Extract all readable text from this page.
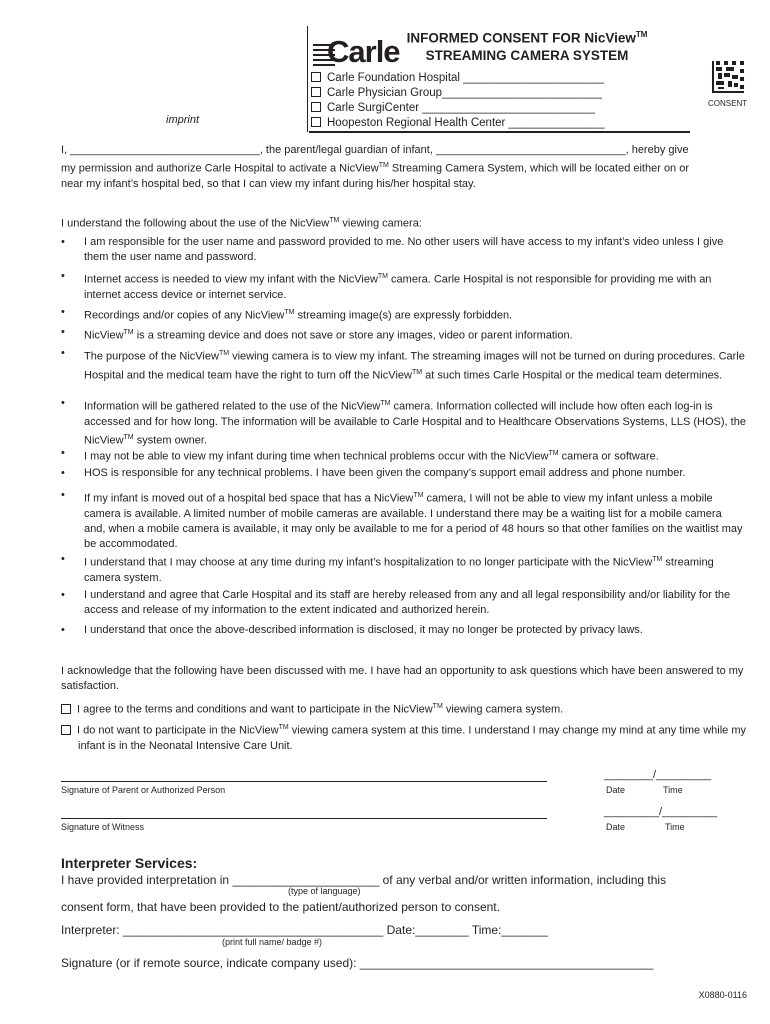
Carle INFORMED CONSENT FOR NicView™
STREAMING CAMERA SYSTEM
Carle Foundation Hospital ______________________
Carle Physician Group_________________________
Carle SurgiCenter ___________________________
Hoopeston Regional Health Center _______________
imprint
CONSENT
I, _______________________________, the parent/legal guardian of infant, _______________________________, hereby give
my permission and authorize Carle Hospital to activate a NicView™ Streaming Camera System, which will be located either on or
near my infant’s hospital bed, so that I can view my infant during his/her hospital stay.
I understand the following about the use of the NicView™ viewing camera:
• I am responsible for the user name and password provided to me. No other users will have access to my infant’s video unless I give them the user name and password.
• Internet access is needed to view my infant with the NicView™ camera. Carle Hospital is not responsible for providing me with an internet access device or internet service.
• Recordings and/or copies of any NicView™ streaming image(s) are expressly forbidden.
• NicView™ is a streaming device and does not save or store any images, video or parent information.
• The purpose of the NicView™ viewing camera is to view my infant. The streaming images will not be turned on during procedures. Carle Hospital and the medical team have the right to turn off the NicView™ at such times Carle Hospital or the medical team determines.
• Information will be gathered related to the use of the NicView™ camera. Information collected will include how often each log-in is accessed and for how long. The information will be available to Carle Hospital and to Healthcare Observations Systems, LLS (HOS), the NicView™ system owner.
• I may not be able to view my infant during time when technical problems occur with the NicView™ camera or software.
• HOS is responsible for any technical problems. I have been given the company’s support email address and phone number.
• If my infant is moved out of a hospital bed space that has a NicView™ camera, I will not be able to view my infant unless a mobile camera is available. A limited number of mobile cameras are available. I understand there may be a waiting list for a mobile camera and, when a mobile camera is available, it may only be available to me for a period of 48 hours so that other families on the waitlist may be accommodated.
• I understand that I may choose at any time during my infant’s hospitalization to no longer participate with the NicView™ streaming camera system.
• I understand and agree that Carle Hospital and its staff are hereby released from any and all legal responsibility and/or liability for the access and release of my information to the extent indicated and authorized herein.
• I understand that once the above-described information is disclosed, it may no longer be protected by privacy laws.
I acknowledge that the following have been discussed with me. I have had an opportunity to ask questions which have been answered to my satisfaction.
I agree to the terms and conditions and want to participate in the NicView™ viewing camera system.
I do not want to participate in the NicView™ viewing camera system at this time. I understand I may change my mind at any time while my infant is in the Neonatal Intensive Care Unit.
Signature of Parent or Authorized Person
________/_________
Date	Time
Signature of Witness
_________/_________
Date	Time
Interpreter Services:
I have provided interpretation in ______________________ of any verbal and/or written information, including this
(type of language)
consent form, that have been provided to the patient/authorized person to consent.
Interpreter: _______________________________________ Date:________ Time:_______
(print full name/ badge #)
Signature (or if remote source, indicate company used): ____________________________________________
X0880-0116
